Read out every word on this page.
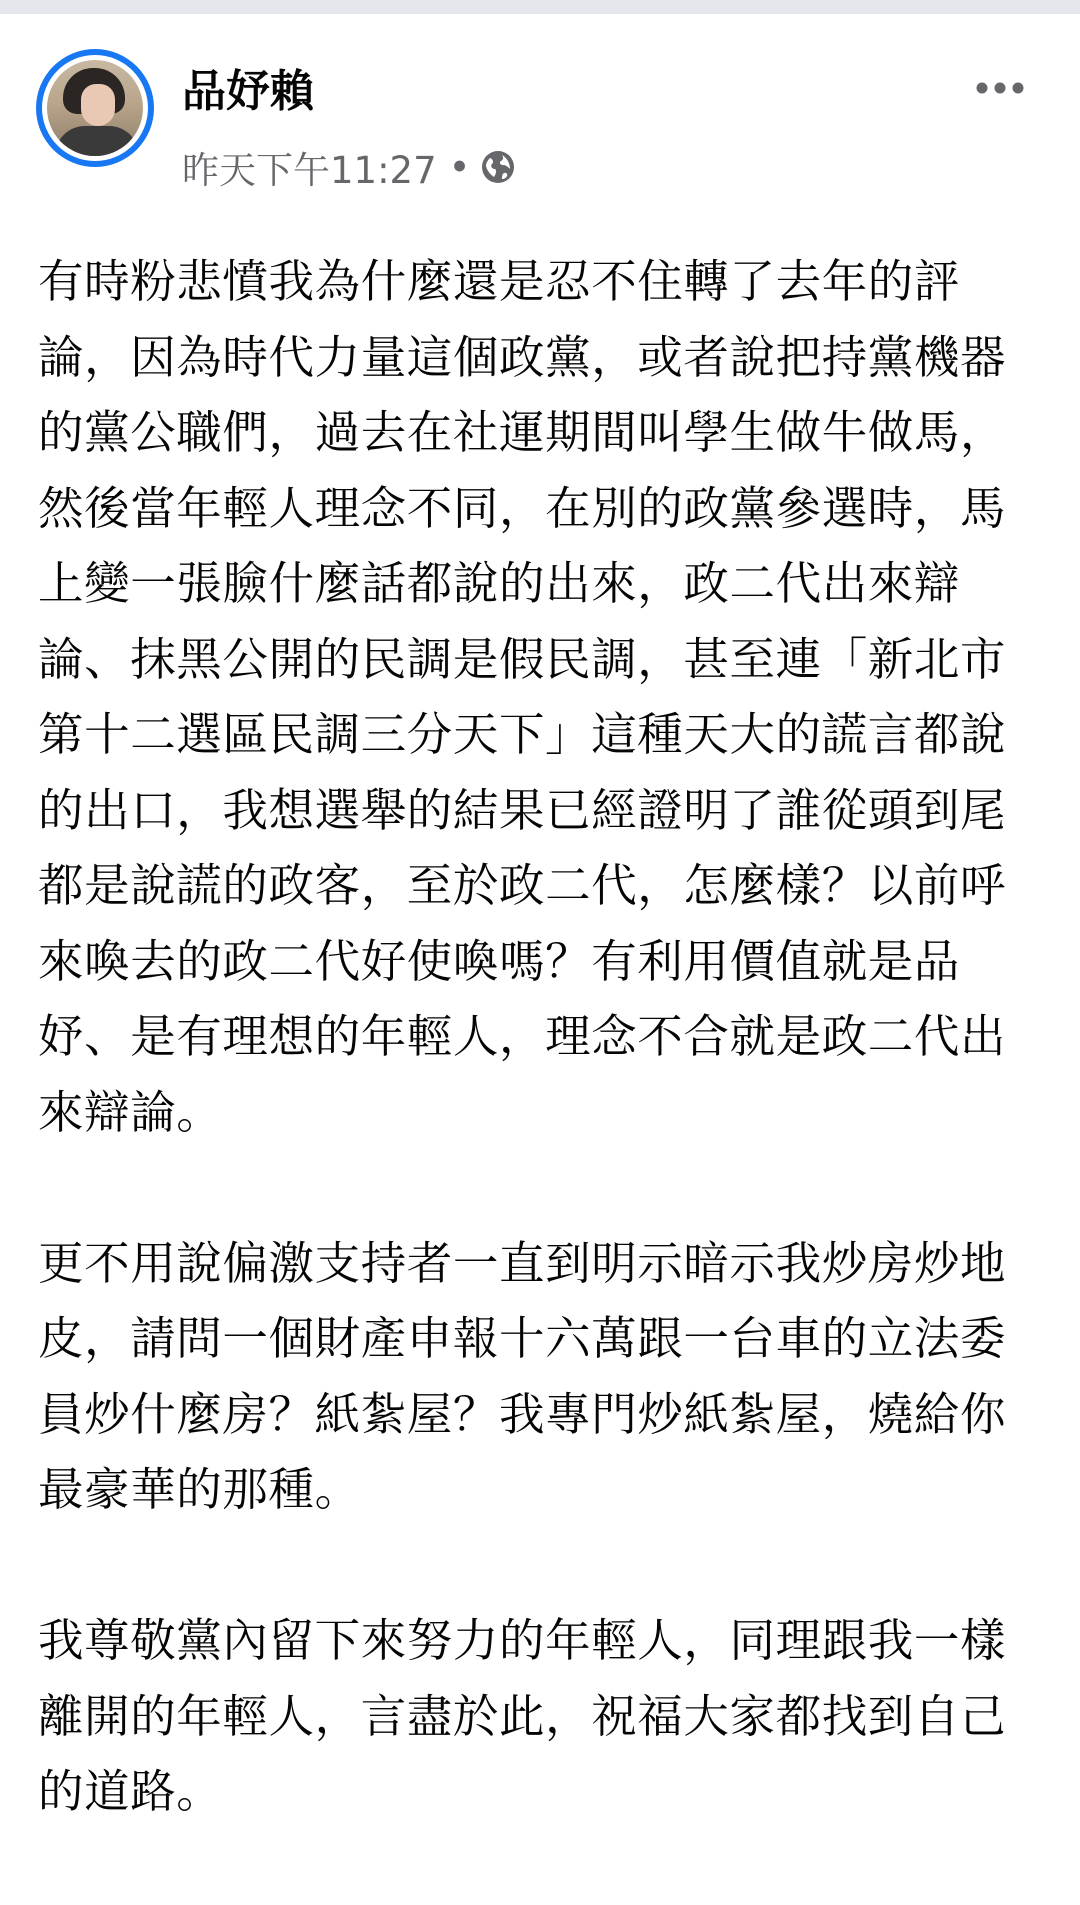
品妤賴
昨天下午11:27 •

有時粉悲憤我為什麼還是忍不住轉了去年的評
論，因為時代力量這個政黨，或者說把持黨機器
的黨公職們，過去在社運期間叫學生做牛做馬，
然後當年輕人理念不同，在別的政黨參選時，馬
上變一張臉什麼話都說的出來，政二代出來辯
論、抹黑公開的民調是假民調，甚至連「新北市
第十二選區民調三分天下」這種天大的謊言都說
的出口，我想選舉的結果已經證明了誰從頭到尾
都是說謊的政客，至於政二代，怎麼樣？以前呼
來喚去的政二代好使喚嗎？有利用價值就是品
妤、是有理想的年輕人，理念不合就是政二代出
來辯論。

更不用說偏激支持者一直到明示暗示我炒房炒地
皮，請問一個財產申報十六萬跟一台車的立法委
員炒什麼房？紙紮屋？我專門炒紙紮屋，燒給你
最豪華的那種。

我尊敬黨內留下來努力的年輕人，同理跟我一樣
離開的年輕人，言盡於此，祝福大家都找到自己
的道路。
